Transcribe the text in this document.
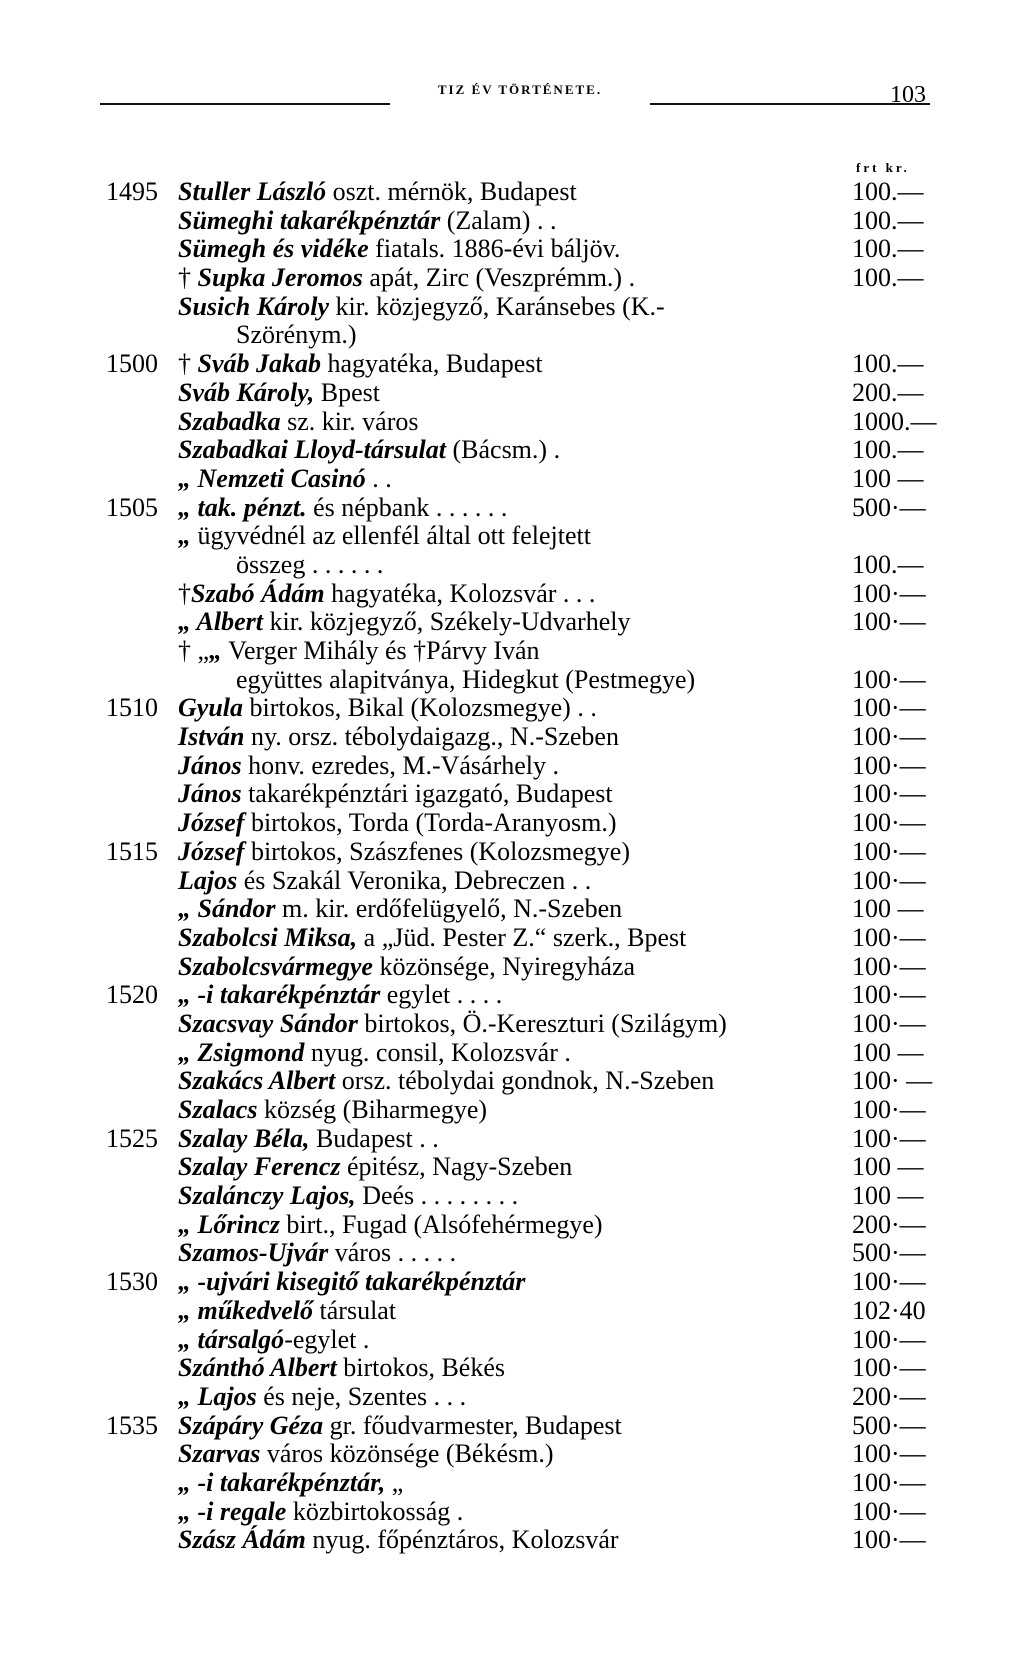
TIZ ÉV TÖRTÉNETE.	103
frt kr.
1495 Stuller László oszt. mérnök, Budapest	100.—
Sümeghi takarékpénztár (Zalam) . .	100.—
Sümegh és vidéke fiatals. 1886-évi báljöv.	100.—
† Supka Jeromos apát, Zirc (Veszprémm.) .	100.—
Susich Károly kir. közjegyző, Karánsebes (K.-
Szörénym.)
1500 † Sváb Jakab hagyatéka, Budapest	100.—
Sváb Károly, Bpest	200.—
Szabadka sz. kir. város	1000.—
Szabadkai Lloyd-társulat (Bácsm.) .	100.—
„ Nemzeti Casinó . .	100 —
1505 „ tak. pénzt. és népbank . . . . . .	500·—
„ ügyvédnél az ellenfél által ott felejtett
összeg . . . . . .	100.—
†Szabó Ádám hagyatéka, Kolozsvár . . .	100·—
„ Albert kir. közjegyző, Székely-Udvarhely	100·—
† „„ Verger Mihály és †Párvy Iván
együttes alapitványa, Hidegkut (Pestmegye)	100·—
1510 Gyula birtokos, Bikal (Kolozsmegye) . .	100·—
István ny. orsz. tébolydaigazg., N.-Szeben	100·—
János honv. ezredes, M.-Vásárhely .	100·—
János takarékpénztári igazgató, Budapest	100·—
József birtokos, Torda (Torda-Aranyosm.)	100·—
1515 József birtokos, Szászfenes (Kolozsmegye)	100·—
Lajos és Szakál Veronika, Debreczen . .	100·—
„ Sándor m. kir. erdőfelügyelő, N.-Szeben	100 —
Szabolcsi Miksa, a „Jüd. Pester Z.“ szerk., Bpest	100·—
Szabolcsvármegye közönsége, Nyiregyháza	100·—
1520 „ -i takarékpénztár egylet . . . .	100·—
Szacsvay Sándor birtokos, Ö.-Kereszturi (Szilágym)	100·—
„ Zsigmond nyug. consil, Kolozsvár .	100 —
Szakács Albert orsz. tébolydai gondnok, N.-Szeben	100· —
Szalacs község (Biharmegye)	100·—
1525 Szalay Béla, Budapest . .	100·—
Szalay Ferencz épitész, Nagy-Szeben	100 —
Szalánczy Lajos, Deés . . . . . . . .	100 —
„ Lőrincz birt., Fugad (Alsófehérmegye)	200·—
Szamos-Ujvár város . . . . .	500·—
1530 „ -ujvári kisegitő takarékpénztár	100·—
„ műkedvelő társulat	102·40
„ társalgó-egylet .	100·—
Szánthó Albert birtokos, Békés	100·—
„ Lajos és neje, Szentes . . .	200·—
1535 Szápáry Géza gr. főudvarmester, Budapest	500·—
Szarvas város közönsége (Békésm.)	100·—
„ -i takarékpénztár, „	100·—
„ -i regale közbirtokosság .	100·—
Szász Ádám nyug. főpénztáros, Kolozsvár	100·—
